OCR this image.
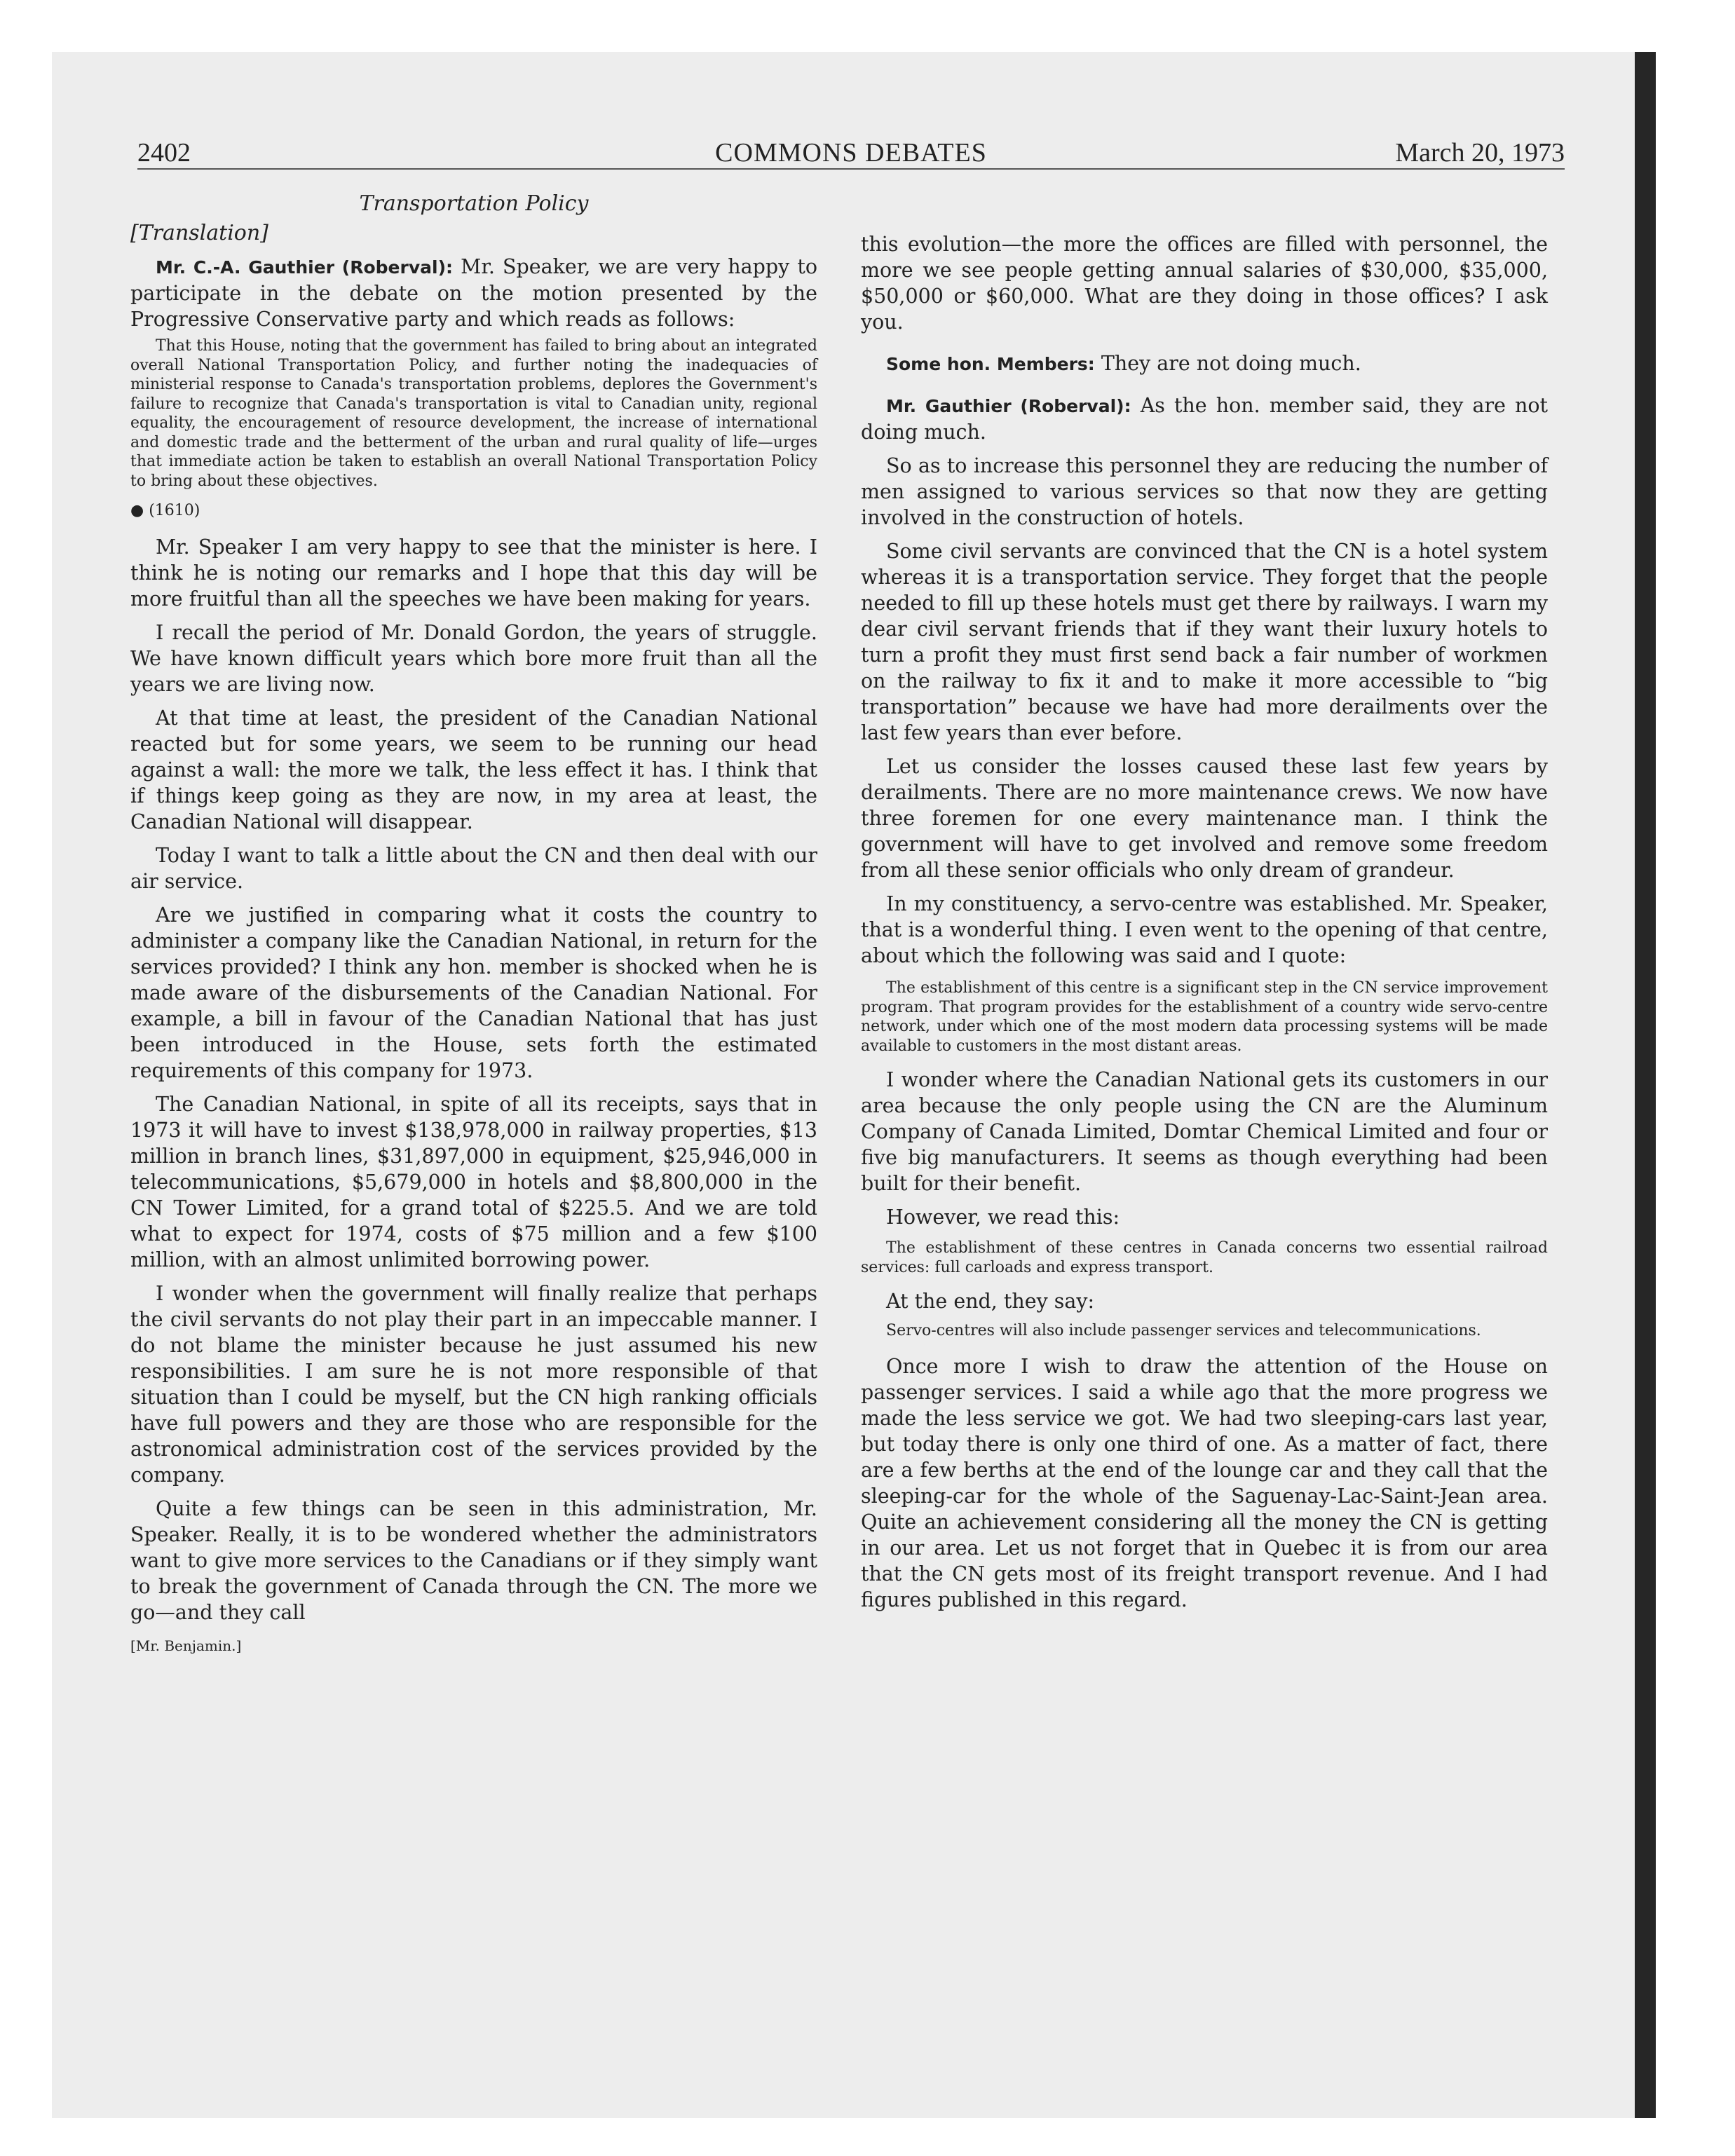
2402	COMMONS DEBATES	March 20, 1973

Transportation Policy

[Translation]

Mr. C.-A. Gauthier (Roberval): Mr. Speaker, we are very happy to participate in the debate on the motion presented by the Progressive Conservative party and which reads as follows:

That this House, noting that the government has failed to bring about an integrated overall National Transportation Policy, and further noting the inadequacies of ministerial response to Canada's transportation problems, deplores the Government's failure to recognize that Canada's transportation is vital to Canadian unity, regional equality, the encouragement of resource development, the increase of international and domestic trade and the betterment of the urban and rural quality of life—urges that immediate action be taken to establish an overall National Transportation Policy to bring about these objectives.

● (1610)

Mr. Speaker I am very happy to see that the minister is here. I think he is noting our remarks and I hope that this day will be more fruitful than all the speeches we have been making for years.

I recall the period of Mr. Donald Gordon, the years of struggle. We have known difficult years which bore more fruit than all the years we are living now.

At that time at least, the president of the Canadian National reacted but for some years, we seem to be running our head against a wall: the more we talk, the less effect it has. I think that if things keep going as they are now, in my area at least, the Canadian National will disappear.

Today I want to talk a little about the CN and then deal with our air service.

Are we justified in comparing what it costs the country to administer a company like the Canadian National, in return for the services provided? I think any hon. member is shocked when he is made aware of the disbursements of the Canadian National. For example, a bill in favour of the Canadian National that has just been introduced in the House, sets forth the estimated requirements of this company for 1973.

The Canadian National, in spite of all its receipts, says that in 1973 it will have to invest $138,978,000 in railway properties, $13 million in branch lines, $31,897,000 in equipment, $25,946,000 in telecommunications, $5,679,000 in hotels and $8,800,000 in the CN Tower Limited, for a grand total of $225.5. And we are told what to expect for 1974, costs of $75 million and a few $100 million, with an almost unlimited borrowing power.

I wonder when the government will finally realize that perhaps the civil servants do not play their part in an impeccable manner. I do not blame the minister because he just assumed his new responsibilities. I am sure he is not more responsible of that situation than I could be myself, but the CN high ranking officials have full powers and they are those who are responsible for the astronomical administration cost of the services provided by the company.

Quite a few things can be seen in this administration, Mr. Speaker. Really, it is to be wondered whether the administrators want to give more services to the Canadians or if they simply want to break the government of Canada through the CN. The more we go—and they call

[Mr. Benjamin.]

this evolution—the more the offices are filled with personnel, the more we see people getting annual salaries of $30,000, $35,000, $50,000 or $60,000. What are they doing in those offices? I ask you.

Some hon. Members: They are not doing much.

Mr. Gauthier (Roberval): As the hon. member said, they are not doing much.

So as to increase this personnel they are reducing the number of men assigned to various services so that now they are getting involved in the construction of hotels.

Some civil servants are convinced that the CN is a hotel system whereas it is a transportation service. They forget that the people needed to fill up these hotels must get there by railways. I warn my dear civil servant friends that if they want their luxury hotels to turn a profit they must first send back a fair number of workmen on the railway to fix it and to make it more accessible to “big transportation” because we have had more derailments over the last few years than ever before.

Let us consider the losses caused these last few years by derailments. There are no more maintenance crews. We now have three foremen for one every maintenance man. I think the government will have to get involved and remove some freedom from all these senior officials who only dream of grandeur.

In my constituency, a servo-centre was established. Mr. Speaker, that is a wonderful thing. I even went to the opening of that centre, about which the following was said and I quote:

The establishment of this centre is a significant step in the CN service improvement program. That program provides for the establishment of a country wide servo-centre network, under which one of the most modern data processing systems will be made available to customers in the most distant areas.

I wonder where the Canadian National gets its customers in our area because the only people using the CN are the Aluminum Company of Canada Limited, Domtar Chemical Limited and four or five big manufacturers. It seems as though everything had been built for their benefit.

However, we read this:

The establishment of these centres in Canada concerns two essential railroad services: full carloads and express transport.

At the end, they say:

Servo-centres will also include passenger services and telecommunications.

Once more I wish to draw the attention of the House on passenger services. I said a while ago that the more progress we made the less service we got. We had two sleeping-cars last year, but today there is only one third of one. As a matter of fact, there are a few berths at the end of the lounge car and they call that the sleeping-car for the whole of the Saguenay-Lac-Saint-Jean area. Quite an achievement considering all the money the CN is getting in our area. Let us not forget that in Quebec it is from our area that the CN gets most of its freight transport revenue. And I had figures published in this regard.
